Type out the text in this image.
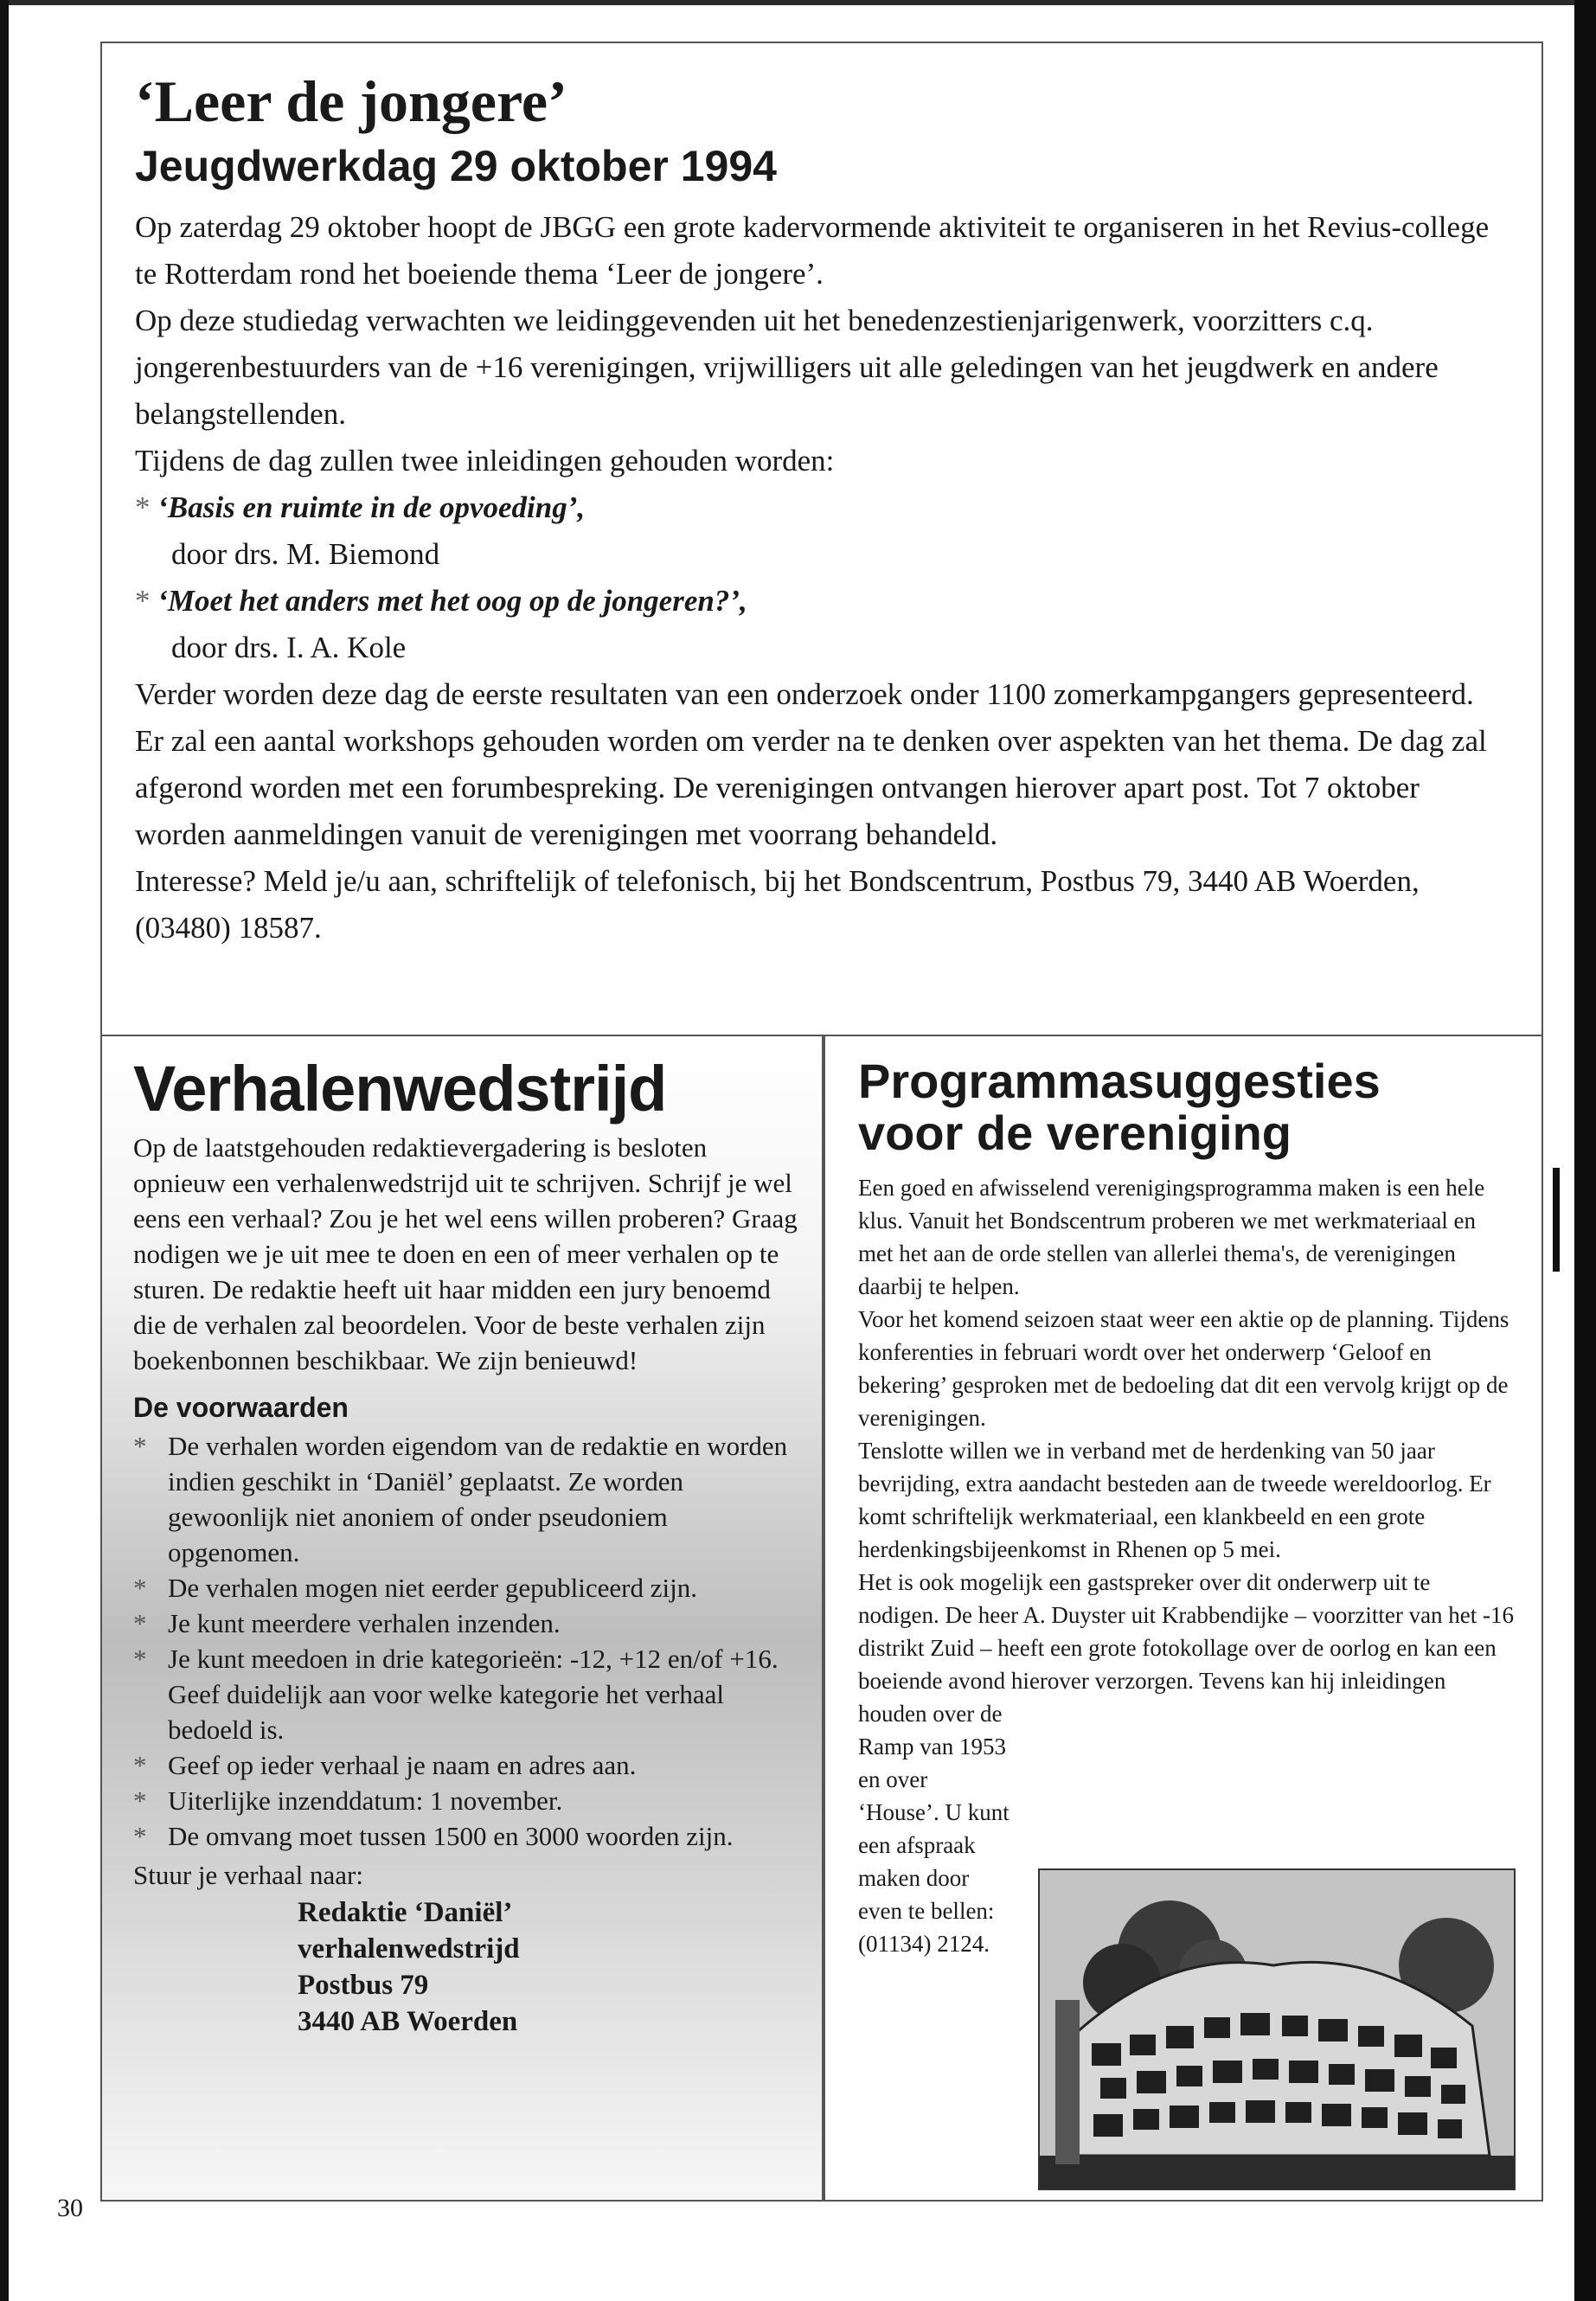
‘Leer de jongere’
Jeugdwerkdag 29 oktober 1994

Op zaterdag 29 oktober hoopt de JBGG een grote kadervormende aktiviteit te organiseren in het Revius-college te Rotterdam rond het boeiende thema ‘Leer de jongere’.

Op deze studiedag verwachten we leidinggevenden uit het benedenzestienjarigenwerk, voorzitters c.q. jongerenbestuurders van de +16 verenigingen, vrijwilligers uit alle geledingen van het jeugdwerk en andere belangstellenden.

Tijdens de dag zullen twee inleidingen gehouden worden:

* ‘Basis en ruimte in de opvoeding’,

door drs. M. Biemond

* ‘Moet het anders met het oog op de jongeren?’,

door drs. I. A. Kole

Verder worden deze dag de eerste resultaten van een onderzoek onder 1100 zomerkampgangers gepresenteerd. Er zal een aantal workshops gehouden worden om verder na te denken over aspekten van het thema. De dag zal afgerond worden met een forumbespreking. De verenigingen ontvangen hierover apart post. Tot 7 oktober worden aanmeldingen vanuit de verenigingen met voorrang behandeld.

Interesse? Meld je/u aan, schriftelijk of telefonisch, bij het Bondscentrum, Postbus 79, 3440 AB Woerden, (03480) 18587.

Verhalenwedstrijd

Op de laatstgehouden redaktievergadering is besloten opnieuw een verhalenwedstrijd uit te schrijven. Schrijf je wel eens een verhaal? Zou je het wel eens willen proberen? Graag nodigen we je uit mee te doen en een of meer verhalen op te sturen. De redaktie heeft uit haar midden een jury benoemd die de verhalen zal beoordelen. Voor de beste verhalen zijn boekenbonnen beschikbaar. We zijn benieuwd!

De voorwaarden
* De verhalen worden eigendom van de redaktie en worden indien geschikt in ‘Daniël’ geplaatst. Ze worden gewoonlijk niet anoniem of onder pseudoniem opgenomen.
* De verhalen mogen niet eerder gepubliceerd zijn.
* Je kunt meerdere verhalen inzenden.
* Je kunt meedoen in drie kategorieën: -12, +12 en/of +16. Geef duidelijk aan voor welke kategorie het verhaal bedoeld is.
* Geef op ieder verhaal je naam en adres aan.
* Uiterlijke inzenddatum: 1 november.
* De omvang moet tussen 1500 en 3000 woorden zijn.

Stuur je verhaal naar:

Redaktie ‘Daniël’
verhalenwedstrijd
Postbus 79
3440 AB Woerden
Programmasuggesties
voor de vereniging

Een goed en afwisselend verenigingsprogramma maken is een hele klus. Vanuit het Bondscentrum proberen we met werkmateriaal en met het aan de orde stellen van allerlei thema's, de verenigingen daarbij te helpen.

Voor het komend seizoen staat weer een aktie op de planning. Tijdens konferenties in februari wordt over het onderwerp ‘Geloof en bekering’ gesproken met de bedoeling dat dit een vervolg krijgt op de verenigingen.

Tenslotte willen we in verband met de herdenking van 50 jaar bevrijding, extra aandacht besteden aan de tweede wereldoorlog. Er komt schriftelijk werkmateriaal, een klankbeeld en een grote herdenkingsbijeenkomst in Rhenen op 5 mei.

Het is ook mogelijk een gastspreker over dit onderwerp uit te nodigen. De heer A. Duyster uit Krabbendijke – voorzitter van het -16 distrikt Zuid – heeft een grote fotokollage over de oorlog en kan een boeiende avond hierover verzorgen. Tevens kan hij inleidingen

houden over de Ramp van 1953 en over ‘House’. U kunt een afspraak maken door even te bellen: (01134) 2124.

30
